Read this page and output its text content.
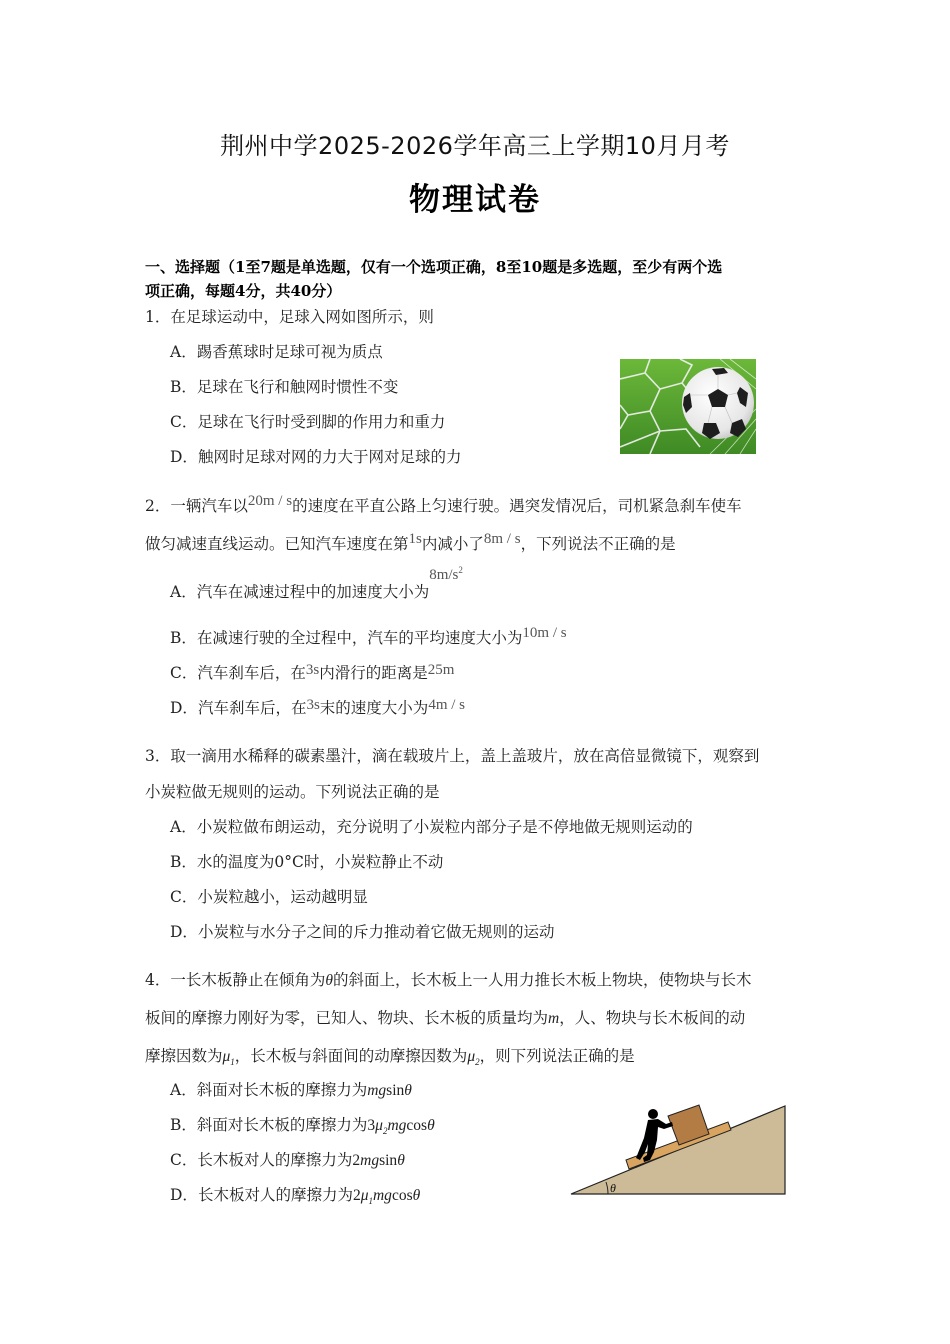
荆州中学2025-2026学年高三上学期10月月考
物理试卷
一、选择题（1至7题是单选题，仅有一个选项正确，8至10题是多选题，至少有两个选
项正确，每题4分，共40分）
1．在足球运动中，足球入网如图所示，则
A．踢香蕉球时足球可视为质点
B．足球在飞行和触网时惯性不变
C．足球在飞行时受到脚的作用力和重力
D．触网时足球对网的力大于网对足球的力
2．一辆汽车以20m / s的速度在平直公路上匀速行驶。遇突发情况后，司机紧急刹车使车
做匀减速直线运动。已知汽车速度在第1s内减小了8m / s，下列说法不正确的是
A．汽车在减速过程中的加速度大小为$8m/s^2$
B．在减速行驶的全过程中，汽车的平均速度大小为10m / s
C．汽车刹车后，在3s内滑行的距离是25m
D．汽车刹车后，在3s末的速度大小为4m / s
3．取一滴用水稀释的碳素墨汁，滴在载玻片上，盖上盖玻片，放在高倍显微镜下，观察到
小炭粒做无规则的运动。下列说法正确的是
A．小炭粒做布朗运动，充分说明了小炭粒内部分子是不停地做无规则运动的
B．水的温度为0°C时，小炭粒静止不动
C．小炭粒越小，运动越明显
D．小炭粒与水分子之间的斥力推动着它做无规则的运动
4．一长木板静止在倾角为θ的斜面上，长木板上一人用力推长木板上物块，使物块与长木
板间的摩擦力刚好为零，已知人、物块、长木板的质量均为m，人、物块与长木板间的动
摩擦因数为$\mu_1$，长木板与斜面间的动摩擦因数为$\mu_2$，则下列说法正确的是
A．斜面对长木板的摩擦力为mgsinθ
B．斜面对长木板的摩擦力为$3\mu_2mgcos\theta$
C．长木板对人的摩擦力为2mgsinθ
D．长木板对人的摩擦力为$2\mu_1mgcos\theta$	θ
